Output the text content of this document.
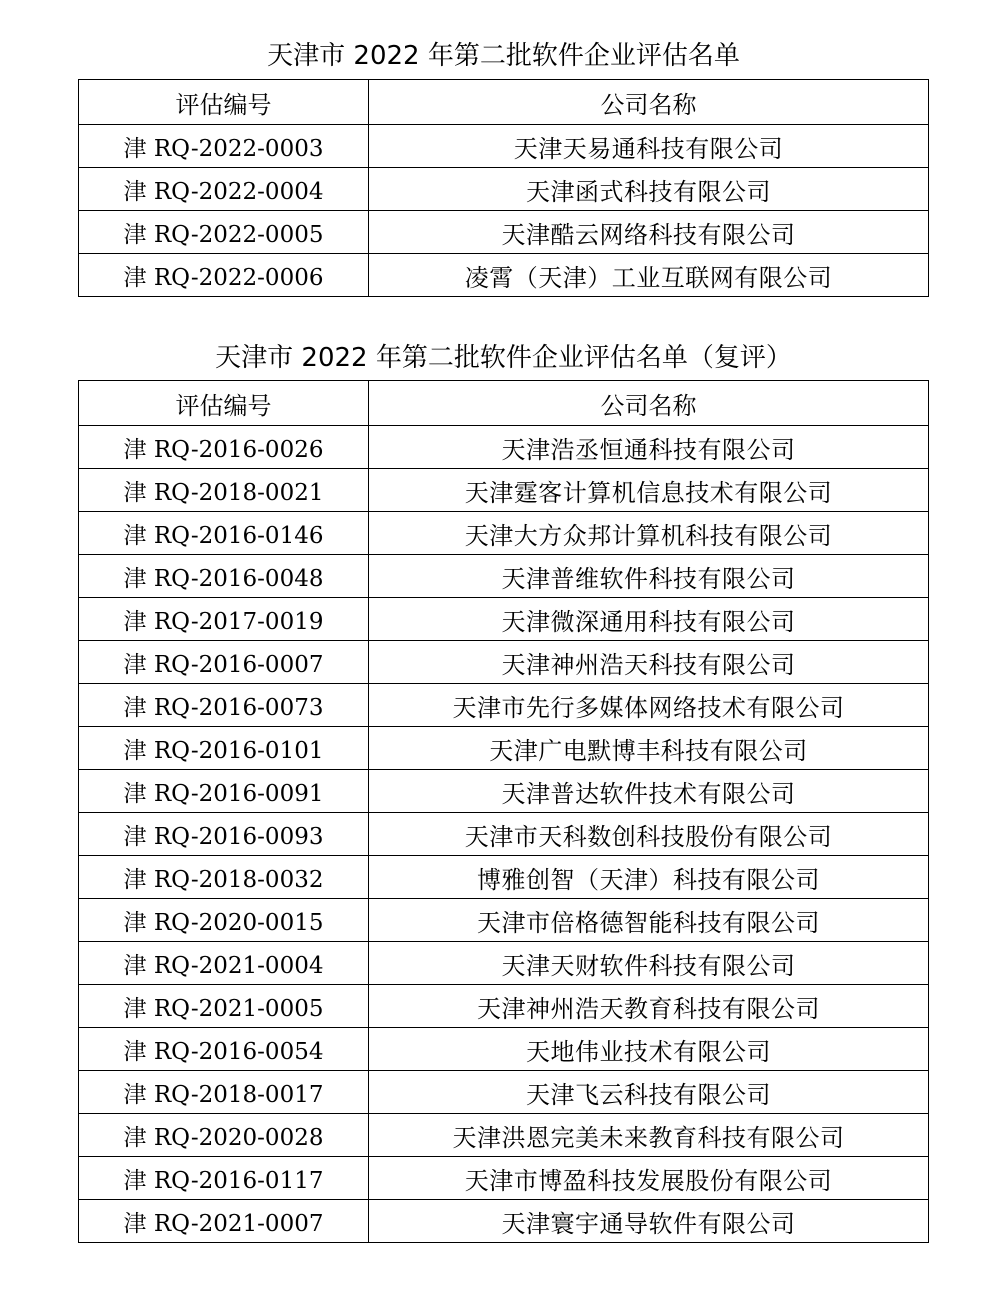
天津市 2022 年第二批软件企业评估名单
评估编号	公司名称
津 RQ-2022-0003	天津天易通科技有限公司
津 RQ-2022-0004	天津函式科技有限公司
津 RQ-2022-0005	天津酷云网络科技有限公司
津 RQ-2022-0006	凌霄（天津）工业互联网有限公司
天津市 2022 年第二批软件企业评估名单（复评）
评估编号	公司名称
津 RQ-2016-0026	天津浩丞恒通科技有限公司
津 RQ-2018-0021	天津霆客计算机信息技术有限公司
津 RQ-2016-0146	天津大方众邦计算机科技有限公司
津 RQ-2016-0048	天津普维软件科技有限公司
津 RQ-2017-0019	天津微深通用科技有限公司
津 RQ-2016-0007	天津神州浩天科技有限公司
津 RQ-2016-0073	天津市先行多媒体网络技术有限公司
津 RQ-2016-0101	天津广电默博丰科技有限公司
津 RQ-2016-0091	天津普达软件技术有限公司
津 RQ-2016-0093	天津市天科数创科技股份有限公司
津 RQ-2018-0032	博雅创智（天津）科技有限公司
津 RQ-2020-0015	天津市倍格德智能科技有限公司
津 RQ-2021-0004	天津天财软件科技有限公司
津 RQ-2021-0005	天津神州浩天教育科技有限公司
津 RQ-2016-0054	天地伟业技术有限公司
津 RQ-2018-0017	天津飞云科技有限公司
津 RQ-2020-0028	天津洪恩完美未来教育科技有限公司
津 RQ-2016-0117	天津市博盈科技发展股份有限公司
津 RQ-2021-0007	天津寰宇通导软件有限公司
